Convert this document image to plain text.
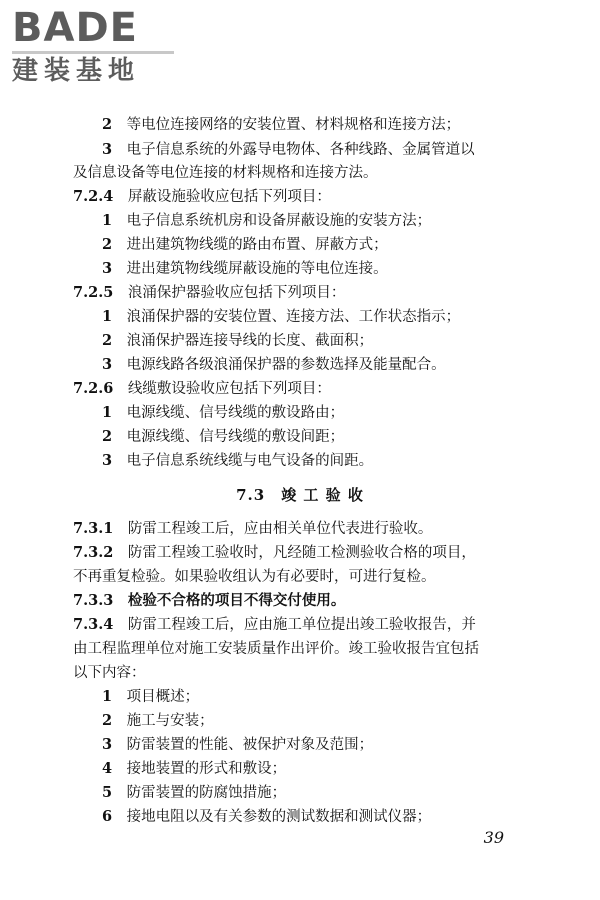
BADE
建装基地
2   等电位连接网络的安装位置、材料规格和连接方法；
3   电子信息系统的外露导电物体、各种线路、金属管道以
及信息设备等电位连接的材料规格和连接方法。
7.2.4   屏蔽设施验收应包括下列项目：
1   电子信息系统机房和设备屏蔽设施的安装方法；
2   进出建筑物线缆的路由布置、屏蔽方式；
3   进出建筑物线缆屏蔽设施的等电位连接。
7.2.5   浪涌保护器验收应包括下列项目：
1   浪涌保护器的安装位置、连接方法、工作状态指示；
2   浪涌保护器连接导线的长度、截面积；
3   电源线路各级浪涌保护器的参数选择及能量配合。
7.2.6   线缆敷设验收应包括下列项目：
1   电源线缆、信号线缆的敷设路由；
2   电源线缆、信号线缆的敷设间距；
3   电子信息系统线缆与电气设备的间距。
7.3.1   防雷工程竣工后，应由相关单位代表进行验收。
7.3.2   防雷工程竣工验收时，凡经随工检测验收合格的项目，
不再重复检验。如果验收组认为有必要时，可进行复检。
7.3.3   检验不合格的项目不得交付使用。
7.3.4   防雷工程竣工后，应由施工单位提出竣工验收报告，并
由工程监理单位对施工安装质量作出评价。竣工验收报告宜包括
以下内容：
1   项目概述；
2   施工与安装；
3   防雷装置的性能、被保护对象及范围；
4   接地装置的形式和敷设；
5   防雷装置的防腐蚀措施；
6   接地电阻以及有关参数的测试数据和测试仪器；
7.3　竣 工 验 收
39
